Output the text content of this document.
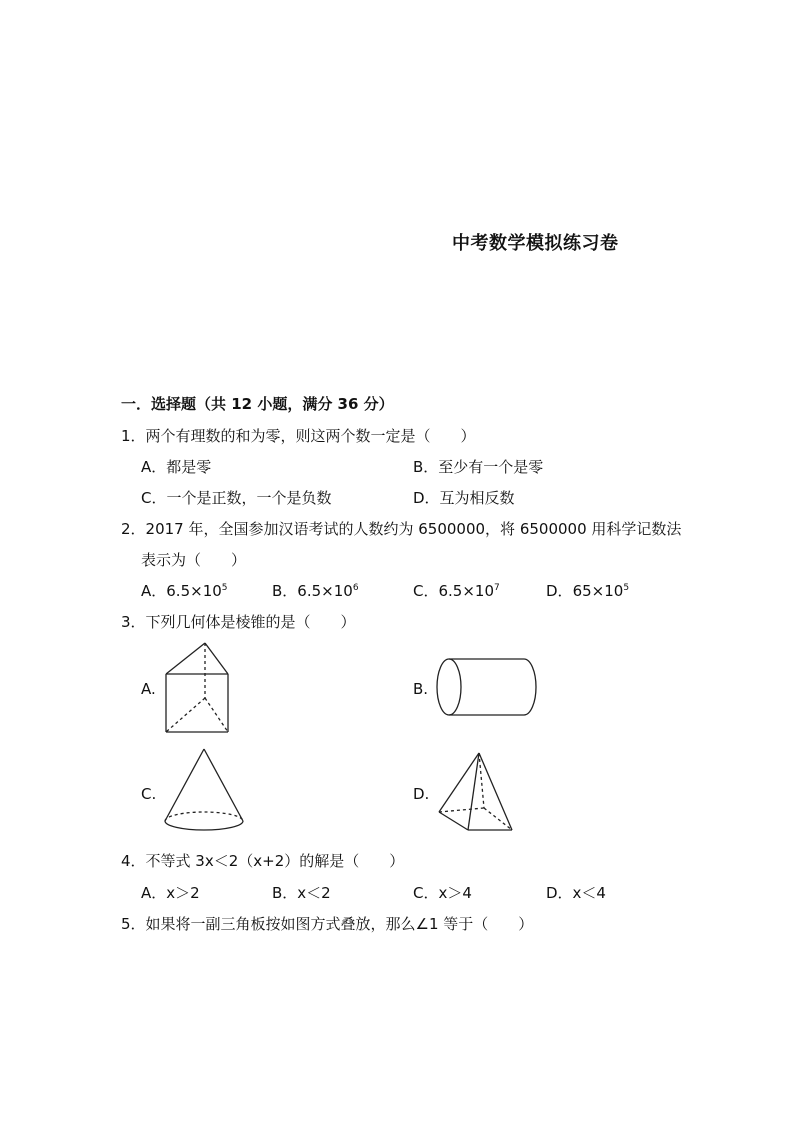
中考数学模拟练习卷
一．选择题（共 12 小题，满分 36 分）
1．两个有理数的和为零，则这两个数一定是（　　）
A．都是零	B．至少有一个是零
C．一个是正数，一个是负数	D．互为相反数
2．2017 年，全国参加汉语考试的人数约为 6500000，将 6500000 用科学记数法
表示为（　　）
A．$6.5\times 10^5$	B．$6.5\times 10^6$	C．$6.5\times 10^7$	D．$65\times 10^5$
3．下列几何体是棱锥的是（　　）
A.	B.
C.	D.
4．不等式 3x＜2（x+2）的解是（　　）
A．x＞2	B．x＜2	C．x＞4	D．x＜4
5．如果将一副三角板按如图方式叠放，那么∠1 等于（　　）
